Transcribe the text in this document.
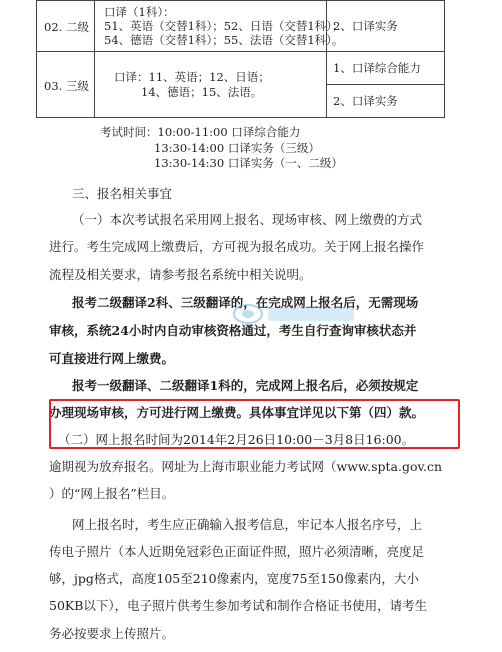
02. 二级
口译（1科）：
51、英语（交替1科）；52、日语（交替1科）；
54、德语（交替1科）；55、法语（交替1科）。
2、口译实务
03. 三级
口译：11、英语；12、日语；
14、德语；15、法语。
1、口译综合能力
2、口译实务
考试时间：10:00-11:00 口译综合能力
13:30-14:00 口译实务（三级）
13:30-14:30 口译实务（一、二级）
三、报名相关事宜
（一）本次考试报名采用网上报名、现场审核、网上缴费的方式
进行。考生完成网上缴费后，方可视为报名成功。关于网上报名操作
流程及相关要求，请参考报名系统中相关说明。
报考二级翻译2科、三级翻译的，在完成网上报名后，无需现场
审核，系统24小时内自动审核资格通过，考生自行查询审核状态并
可直接进行网上缴费。
报考一级翻译、二级翻译1科的，完成网上报名后，必须按规定
办理现场审核，方可进行网上缴费。具体事宜详见以下第（四）款。
（二）网上报名时间为2014年2月26日10:00－3月8日16:00。
逾期视为放弃报名。网址为上海市职业能力考试网（www.spta.gov.cn
）的“网上报名”栏目。
网上报名时，考生应正确输入报考信息，牢记本人报名序号，上
传电子照片（本人近期免冠彩色正面证件照，照片必须清晰，亮度足
够，jpg格式，高度105至210像素内，宽度75至150像素内，大小
50KB以下），电子照片供考生参加考试和制作合格证书使用，请考生
务必按要求上传照片。
